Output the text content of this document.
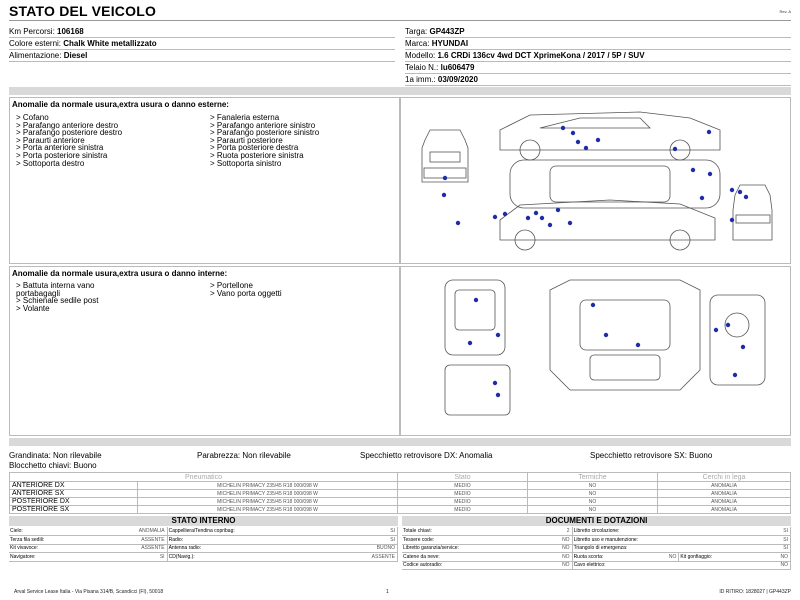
STATO DEL VEICOLO	Rev. A
Km Percorsi: 106168
Colore esterni: Chalk White metallizzato
Alimentazione: Diesel
Targa: GP443ZP
Marca: HYUNDAI
Modello: 1.6 CRDi 136cv 4wd DCT XprimeKona / 2017 / 5P / SUV
Telaio N.: lu606479
1a imm.: 03/09/2020
Anomalie da normale usura,extra usura o danno esterne:
> Cofano
> Parafango anteriore destro
> Parafango posteriore destro
> Paraurti anteriore
> Porta anteriore sinistra
> Porta posteriore sinistra
> Sottoporta destro
> Fanaleria esterna
> Parafango anteriore sinistro
> Parafango posteriore sinistro
> Paraurti posteriore
> Porta posteriore destra
> Ruota posteriore sinistra
> Sottoporta sinistro
Anomalie da normale usura,extra usura o danno interne:
> Battuta interna vano
portabagagli
> Schienale sedile post
> Volante
> Portellone
> Vano porta oggetti
Grandinata: Non rilevabile	Parabrezza: Non rilevabile	Specchietto retrovisore DX: Anomalia	Specchietto retrovisore SX: Buono
Blocchetto chiavi: Buono
Pneumatico		Stato	Termiche	Cerchi in lega
ANTERIORE DX	MICHELIN PRIMACY 235/45 R18 000/098 W	MEDIO	NO	ANOMALIA
ANTERIORE SX	MICHELIN PRIMACY 235/45 R18 000/098 W	MEDIO	NO	ANOMALIA
POSTERIORE DX	MICHELIN PRIMACY 235/45 R18 000/098 W	MEDIO	NO	ANOMALIA
POSTERIORE SX	MICHELIN PRIMACY 235/45 R18 000/098 W	MEDIO	NO	ANOMALIA
STATO INTERNO
Cielo:	ANOMALIA	Cappelliera/Tendina copribag:	SI
Terza fila sedili:	ASSENTE	Radio:	SI
Kit vivavoce:	ASSENTE	Antenna radio:	BUONO
Navigatore:	SI	CD(Navig.):	ASSENTE
DOCUMENTI E DOTAZIONI
Totale chiavi:	2	Libretto circolazione:			SI
Tessere code:	NO	Libretto uso e manutenzione:			SI
Libretto garanzia/service:	NO	Triangolo di emergenza:			SI
Catene da neve:	NO	Ruota scorta:	NO	Kit gonfiaggio:	NO
Codice autoradio:	NO	Cavo elettrico:			NO
Arval Service Lease Italia - Via Pisana 314/B, Scandicci (FI), 50018	1	ID RITIRO: 1828027 | GP443ZP
